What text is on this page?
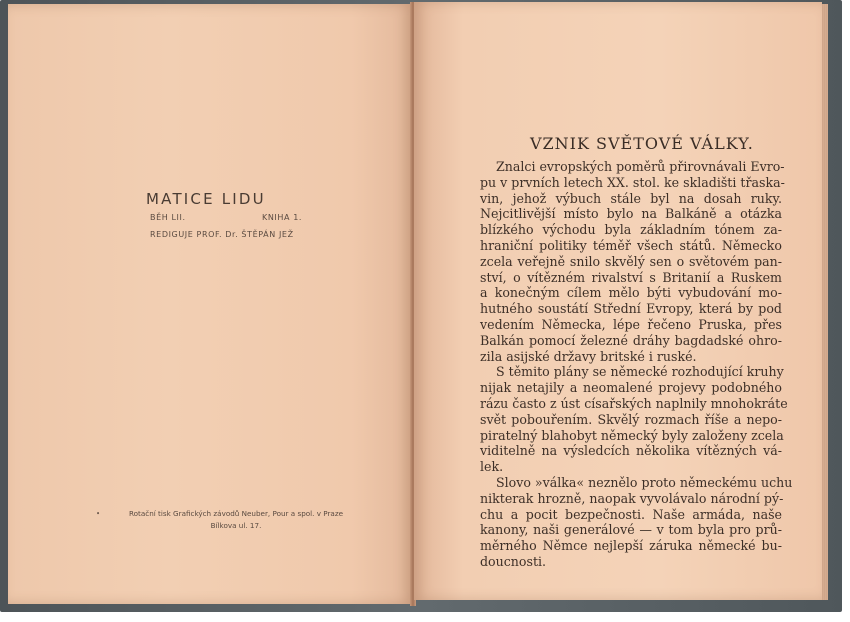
MATICE LIDU
BĚH LII.	KNIHA 1.
REDIGUJE PROF. Dr. ŠTĚPÁN JEŽ
•	Rotační tisk Grafických závodů Neuber, Pour a spol. v Praze
Bílkova ul. 17.
VZNIK SVĚTOVÉ VÁLKY.
Znalci evropských poměrů přirovnávali Evro-
pu v prvních letech XX. stol. ke skladišti třaska-
vin, jehož výbuch stále byl na dosah ruky.
Nejcitlivější místo bylo na Balkáně a otázka
blízkého východu byla základním tónem za-
hraniční politiky téměř všech států. Německo
zcela veřejně snilo skvělý sen o světovém pan-
ství, o vítězném rivalství s Britanií a Ruskem
a konečným cílem mělo býti vybudování mo-
hutného soustátí Střední Evropy, která by pod
vedením Německa, lépe řečeno Pruska, přes
Balkán pomocí železné dráhy bagdadské ohro-
zila asijské državy britské i ruské.
S těmito plány se německé rozhodující kruhy
nijak netajily a neomalené projevy podobného
rázu často z úst císařských naplnily mnohokráte
svět pobouřením. Skvělý rozmach říše a nepo-
piratelný blahobyt německý byly založeny zcela
viditelně na výsledcích několika vítězných vá-
lek.
Slovo »válka« neznělo proto německému uchu
nikterak hrozně, naopak vyvolávalo národní pý-
chu a pocit bezpečnosti. Naše armáda, naše
kanony, naši generálové — v tom byla pro prů-
měrného Němce nejlepší záruka německé bu-
doucnosti.
